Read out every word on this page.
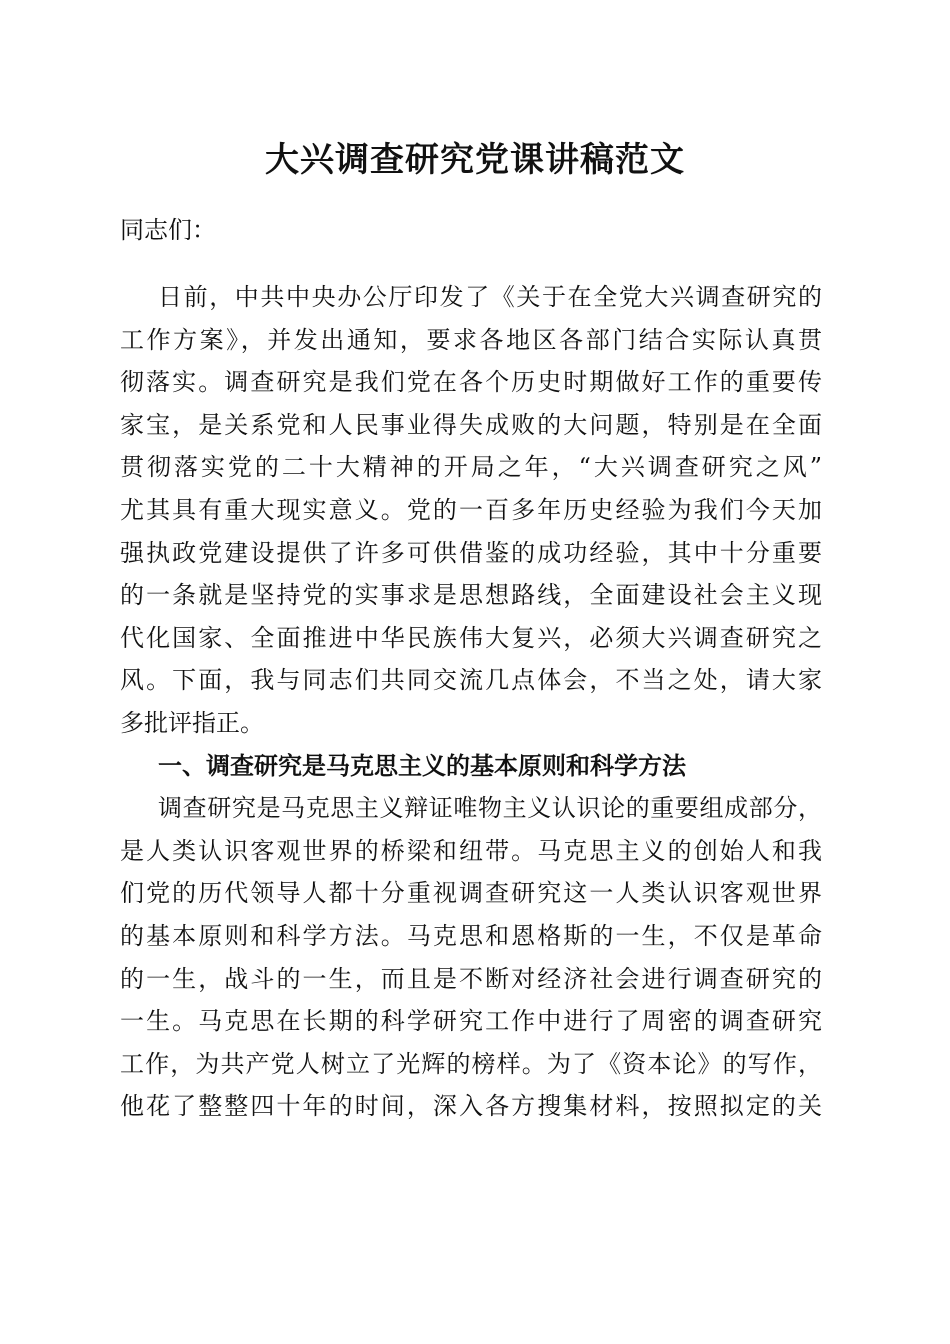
大兴调查研究党课讲稿范文
同志们：
日前，中共中央办公厅印发了《关于在全党大兴调查研究的
工作方案》，并发出通知，要求各地区各部门结合实际认真贯
彻落实。调查研究是我们党在各个历史时期做好工作的重要传
家宝，是关系党和人民事业得失成败的大问题，特别是在全面
贯彻落实党的二十大精神的开局之年，“大兴调查研究之风”
尤其具有重大现实意义。党的一百多年历史经验为我们今天加
强执政党建设提供了许多可供借鉴的成功经验，其中十分重要
的一条就是坚持党的实事求是思想路线，全面建设社会主义现
代化国家、全面推进中华民族伟大复兴，必须大兴调查研究之
风。下面，我与同志们共同交流几点体会，不当之处，请大家
多批评指正。
一、调查研究是马克思主义的基本原则和科学方法
调查研究是马克思主义辩证唯物主义认识论的重要组成部分，
是人类认识客观世界的桥梁和纽带。马克思主义的创始人和我
们党的历代领导人都十分重视调查研究这一人类认识客观世界
的基本原则和科学方法。马克思和恩格斯的一生，不仅是革命
的一生，战斗的一生，而且是不断对经济社会进行调查研究的
一生。马克思在长期的科学研究工作中进行了周密的调查研究
工作，为共产党人树立了光辉的榜样。为了《资本论》的写作，
他花了整整四十年的时间，深入各方搜集材料，按照拟定的关
